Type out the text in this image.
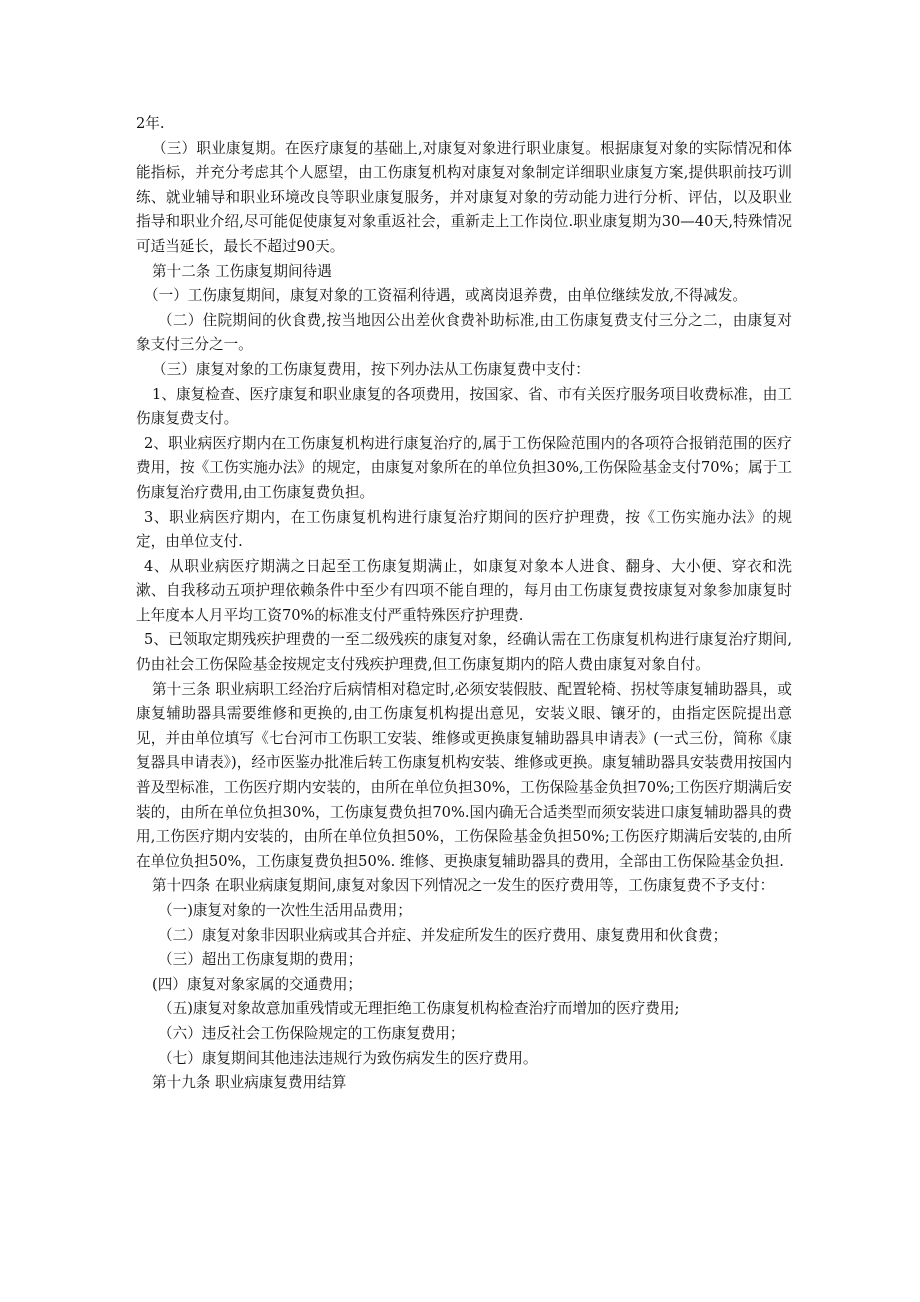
2年.

（三）职业康复期。在医疗康复的基础上,对康复对象进行职业康复。根据康复对象的实际情况和体能指标，并充分考虑其个人愿望，由工伤康复机构对康复对象制定详细职业康复方案,提供职前技巧训练、就业辅导和职业环境改良等职业康复服务，并对康复对象的劳动能力进行分析、评估，以及职业指导和职业介绍,尽可能促使康复对象重返社会，重新走上工作岗位.职业康复期为30—40天,特殊情况可适当延长，最长不超过90天。

第十二条 工伤康复期间待遇

（一）工伤康复期间，康复对象的工资福利待遇，或离岗退养费，由单位继续发放,不得减发。

（二）住院期间的伙食费,按当地因公出差伙食费补助标准,由工伤康复费支付三分之二，由康复对象支付三分之一。

（三）康复对象的工伤康复费用，按下列办法从工伤康复费中支付：

1、康复检查、医疗康复和职业康复的各项费用，按国家、省、市有关医疗服务项目收费标准，由工伤康复费支付。

2、职业病医疗期内在工伤康复机构进行康复治疗的,属于工伤保险范围内的各项符合报销范围的医疗费用，按《工伤实施办法》的规定，由康复对象所在的单位负担30%,工伤保险基金支付70%；属于工伤康复治疗费用,由工伤康复费负担。

3、职业病医疗期内，在工伤康复机构进行康复治疗期间的医疗护理费，按《工伤实施办法》的规定，由单位支付.

4、从职业病医疗期满之日起至工伤康复期满止，如康复对象本人进食、翻身、大小便、穿衣和洗漱、自我移动五项护理依赖条件中至少有四项不能自理的，每月由工伤康复费按康复对象参加康复时上年度本人月平均工资70%的标准支付严重特殊医疗护理费.

5、已领取定期残疾护理费的一至二级残疾的康复对象，经确认需在工伤康复机构进行康复治疗期间,仍由社会工伤保险基金按规定支付残疾护理费,但工伤康复期内的陪人费由康复对象自付。

第十三条 职业病职工经治疗后病情相对稳定时,必须安装假肢、配置轮椅、拐杖等康复辅助器具，或康复辅助器具需要维修和更换的,由工伤康复机构提出意见，安装义眼、镶牙的，由指定医院提出意见，并由单位填写《七台河市工伤职工安装、维修或更换康复辅助器具申请表》(一式三份，简称《康复器具申请表》)，经市医鉴办批准后转工伤康复机构安装、维修或更换。康复辅助器具安装费用按国内普及型标准，工伤医疗期内安装的，由所在单位负担30%，工伤保险基金负担70%;工伤医疗期满后安装的，由所在单位负担30%，工伤康复费负担70%.国内确无合适类型而须安装进口康复辅助器具的费用,工伤医疗期内安装的，由所在单位负担50%，工伤保险基金负担50%;工伤医疗期满后安装的,由所在单位负担50%，工伤康复费负担50%. 维修、更换康复辅助器具的费用，全部由工伤保险基金负担.

第十四条 在职业病康复期间,康复对象因下列情况之一发生的医疗费用等，工伤康复费不予支付：

（一)康复对象的一次性生活用品费用；

（二）康复对象非因职业病或其合并症、并发症所发生的医疗费用、康复费用和伙食费；

（三）超出工伤康复期的费用；

(四）康复对象家属的交通费用；

（五)康复对象故意加重残情或无理拒绝工伤康复机构检查治疗而增加的医疗费用;

（六）违反社会工伤保险规定的工伤康复费用；

（七）康复期间其他违法违规行为致伤病发生的医疗费用。

第十九条 职业病康复费用结算
